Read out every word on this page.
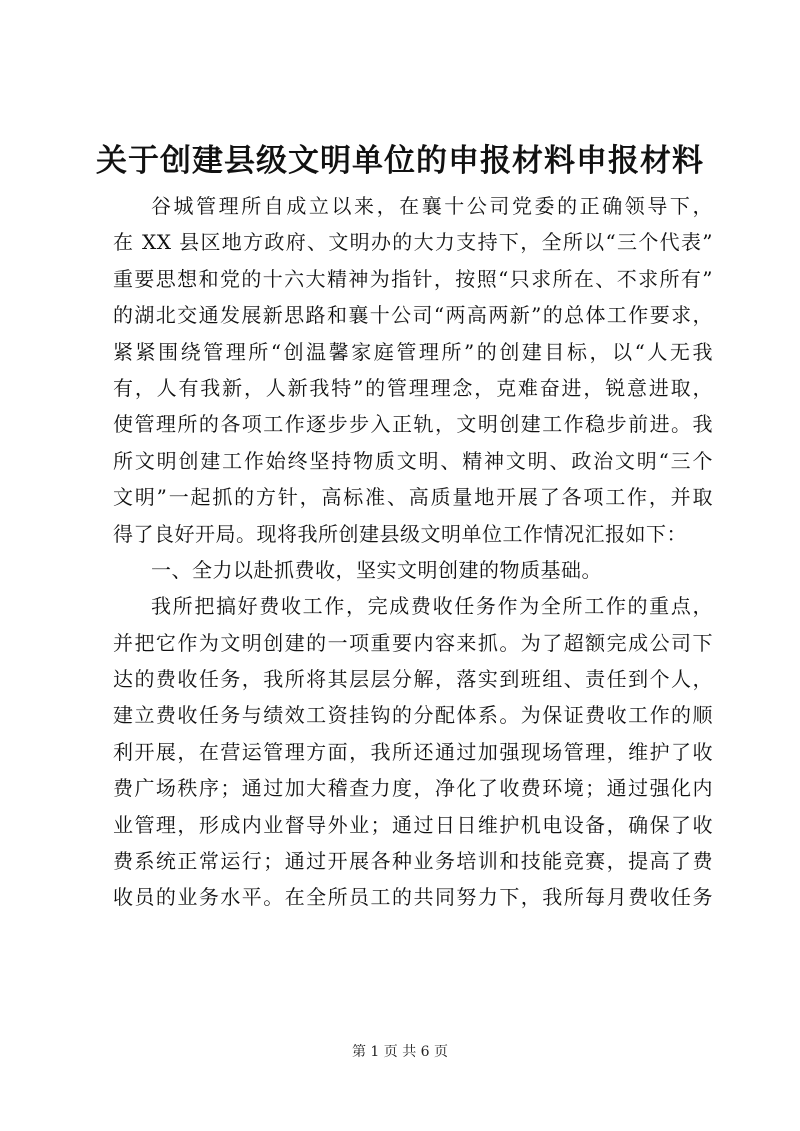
关于创建县级文明单位的申报材料申报材料
谷城管理所自成立以来，在襄十公司党委的正确领导下，
在 XX 县区地方政府、文明办的大力支持下，全所以“三个代表”
重要思想和党的十六大精神为指针，按照“只求所在、不求所有”
的湖北交通发展新思路和襄十公司“两高两新”的总体工作要求，
紧紧围绕管理所“创温馨家庭管理所”的创建目标，以“人无我
有，人有我新，人新我特”的管理理念，克难奋进，锐意进取，
使管理所的各项工作逐步步入正轨，文明创建工作稳步前进。我
所文明创建工作始终坚持物质文明、精神文明、政治文明“三个
文明”一起抓的方针，高标准、高质量地开展了各项工作，并取
得了良好开局。现将我所创建县级文明单位工作情况汇报如下：
一、全力以赴抓费收，坚实文明创建的物质基础。
我所把搞好费收工作，完成费收任务作为全所工作的重点，
并把它作为文明创建的一项重要内容来抓。为了超额完成公司下
达的费收任务，我所将其层层分解，落实到班组、责任到个人，
建立费收任务与绩效工资挂钩的分配体系。为保证费收工作的顺
利开展，在营运管理方面，我所还通过加强现场管理，维护了收
费广场秩序；通过加大稽查力度，净化了收费环境；通过强化内
业管理，形成内业督导外业；通过日日维护机电设备，确保了收
费系统正常运行；通过开展各种业务培训和技能竞赛，提高了费
收员的业务水平。在全所员工的共同努力下，我所每月费收任务
第 1 页 共 6 页
